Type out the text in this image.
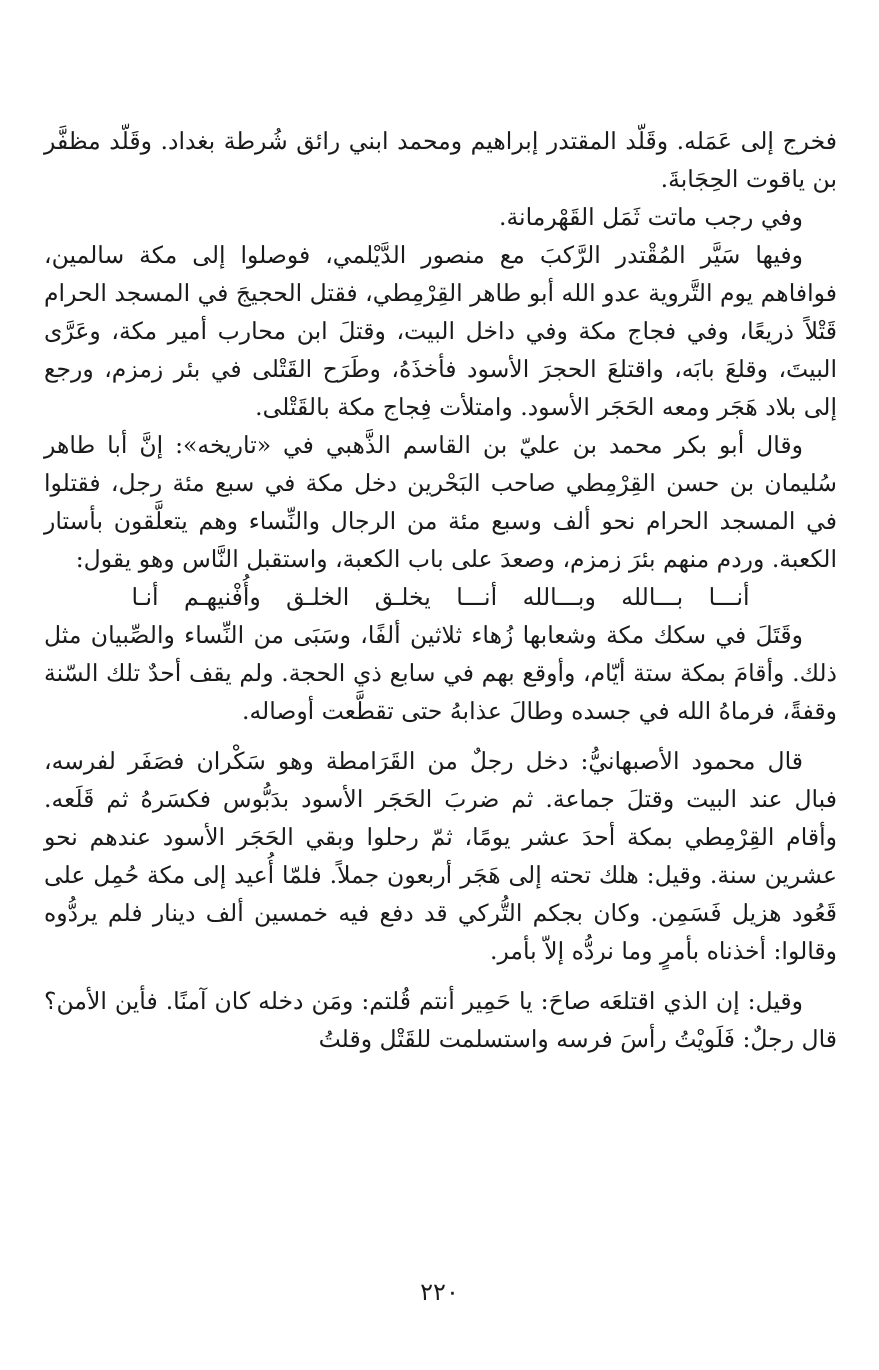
فخرج إلى عَمَله. وقَلّد المقتدر إبراهيم ومحمد ابني رائق شُرطة بغداد. وقَلّد مظفَّر بن ياقوت الحِجَابةَ.

وفي رجب ماتت ثَمَل القَهْرمانة.

وفيها سَيَّر المُقْتدر الرَّكبَ مع منصور الدَّيْلمي، فوصلوا إلى مكة سالمين، فوافاهم يوم التَّروية عدو الله أبو طاهر القِرْمِطي، فقتل الحجيجَ في المسجد الحرام قَتْلاً ذريعًا، وفي فجاج مكة وفي داخل البيت، وقتلَ ابن محارب أمير مكة، وعَرَّى البيتَ، وقلعَ بابَه، واقتلعَ الحجرَ الأسود فأخذَهُ، وطَرَح القَتْلى في بئر زمزم، ورجع إلى بلاد هَجَر ومعه الحَجَر الأسود. وامتلأت فِجاج مكة بالقَتْلى.

وقال أبو بكر محمد بن عليّ بن القاسم الذَّهبي في «تاريخه»: إنَّ أبا طاهر سُليمان بن حسن القِرْمِطي صاحب البَحْرين دخل مكة في سبع مئة رجل، فقتلوا في المسجد الحرام نحو ألف وسبع مئة من الرجال والنِّساء وهم يتعلَّقون بأستار الكعبة. وردم منهم بئرَ زمزم، وصعدَ على باب الكعبة، واستقبل النَّاس وهو يقول:

أنـــا بـــالله وبـــالله أنـــا يخلـق الخلـق وأُفْنيهـم أنـا

وقَتَلَ في سكك مكة وشعابها زُهاء ثلاثين ألفًا، وسَبَى من النِّساء والصِّبيان مثل ذلك. وأقامَ بمكة ستة أيّام، وأوقع بهم في سابع ذي الحجة. ولم يقف أحدٌ تلك السّنة وقفةً، فرماهُ الله في جسده وطالَ عذابهُ حتى تقطَّعت أوصاله.

قال محمود الأصبهانيُّ: دخل رجلٌ من القَرَامطة وهو سَكْران فصَفَر لفرسه، فبال عند البيت وقتلَ جماعة. ثم ضربَ الحَجَر الأسود بدَبُّوس فكسَرهُ ثم قَلَعه. وأقام القِرْمِطي بمكة أحدَ عشر يومًا، ثمّ رحلوا وبقي الحَجَر الأسود عندهم نحو عشرين سنة. وقيل: هلك تحته إلى هَجَر أربعون جملاً. فلمّا أُعيد إلى مكة حُمِل على قَعُود هزيل فَسَمِن. وكان بجكم التُّركي قد دفع فيه خمسين ألف دينار فلم يردُّوه وقالوا: أخذناه بأمرٍ وما نردُّه إلاّ بأمر.

وقيل: إن الذي اقتلعَه صاحَ: يا حَمِير أنتم قُلتم: ومَن دخله كان آمنًا. فأين الأمن؟ قال رجلٌ: فَلَويْتُ رأسَ فرسه واستسلمت للقَتْل وقلتُ

٢٢٠
